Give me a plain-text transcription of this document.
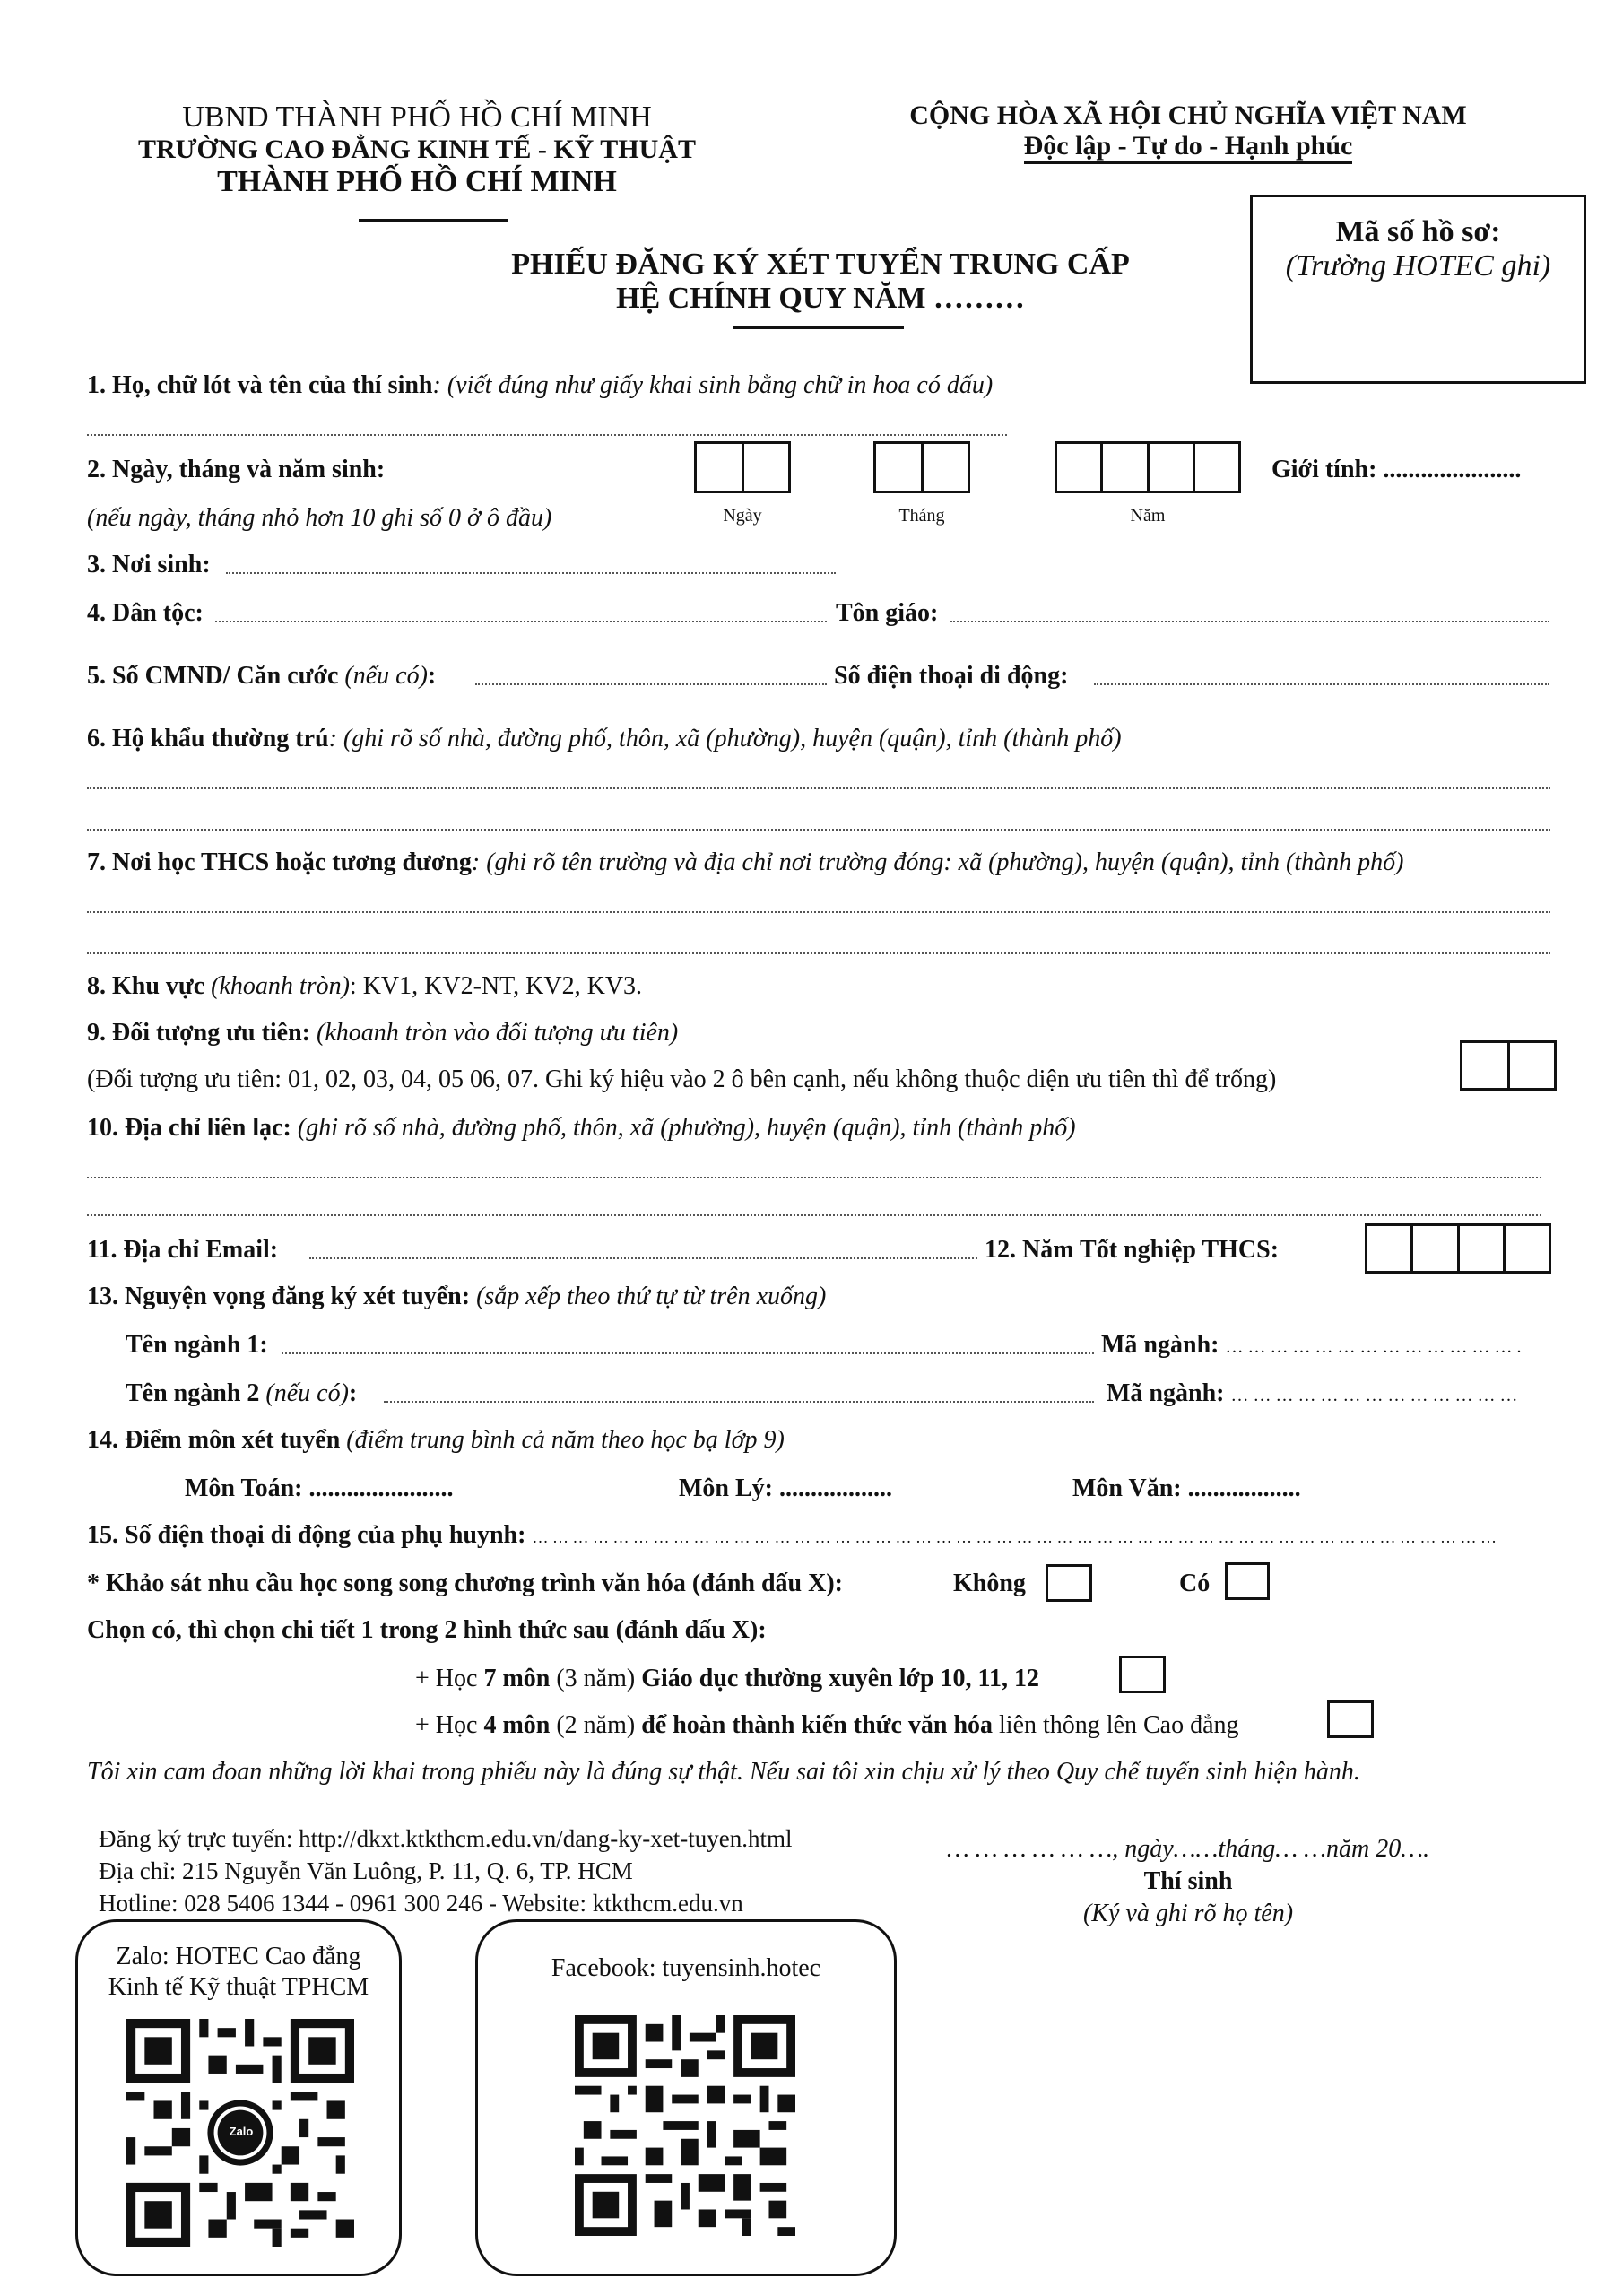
UBND THÀNH PHỐ HỒ CHÍ MINH
TRƯỜNG CAO ĐẲNG KINH TẾ - KỸ THUẬT
THÀNH PHỐ HỒ CHÍ MINH
CỘNG HÒA XÃ HỘI CHỦ NGHĨA VIỆT NAM
Độc lập - Tự do - Hạnh phúc
Mã số hồ sơ:
(Trường HOTEC ghi)
PHIẾU ĐĂNG KÝ XÉT TUYỂN TRUNG CẤP
HỆ CHÍNH QUY NĂM ………
1. Họ, chữ lót và tên của thí sinh: (viết đúng như giấy khai sinh bằng chữ in hoa có dấu)
2. Ngày, tháng và năm sinh:
(nếu ngày, tháng nhỏ hơn 10 ghi số 0 ở ô đầu)	Ngày	Tháng	Năm
Giới tính: ......................
3. Nơi sinh:
4. Dân tộc:	Tôn giáo:
5. Số CMND/ Căn cước (nếu có):	Số điện thoại di động:
6. Hộ khẩu thường trú: (ghi rõ số nhà, đường phố, thôn, xã (phường), huyện (quận), tỉnh (thành phố)
7. Nơi học THCS hoặc tương đương: (ghi rõ tên trường và địa chỉ nơi trường đóng: xã (phường), huyện (quận), tỉnh (thành phố)
8. Khu vực (khoanh tròn): KV1, KV2-NT, KV2, KV3.
9. Đối tượng ưu tiên: (khoanh tròn vào đối tượng ưu tiên)
(Đối tượng ưu tiên: 01, 02, 03, 04, 05 06, 07. Ghi ký hiệu vào 2 ô bên cạnh, nếu không thuộc diện ưu tiên thì để trống)
10. Địa chỉ liên lạc: (ghi rõ số nhà, đường phố, thôn, xã (phường), huyện (quận), tỉnh (thành phố)
11. Địa chỉ Email:	12. Năm Tốt nghiệp THCS:
13. Nguyện vọng đăng ký xét tuyển: (sắp xếp theo thứ tự từ trên xuống)
Tên ngành 1:	Mã ngành: … … … … … … … … … … … … … .
Tên ngành 2 (nếu có):	Mã ngành: … … … … … … … … … … … … …
14. Điểm môn xét tuyển (điểm trung bình cả năm theo học bạ lớp 9)
Môn Toán: .......................	Môn Lý: ..................	Môn Văn: ..................
15. Số điện thoại di động của phụ huynh: … … … … … … … … … … … … … … … … … … … … … … … … … … … … … … … … … … … … … … … … … … … … … … … …
* Khảo sát nhu cầu học song song chương trình văn hóa (đánh dấu X):	Không	Có
Chọn có, thì chọn chi tiết 1 trong 2 hình thức sau (đánh dấu X):
+ Học 7 môn (3 năm) Giáo dục thường xuyên lớp 10, 11, 12
+ Học 4 môn (2 năm) để hoàn thành kiến thức văn hóa liên thông lên Cao đẳng
Tôi xin cam đoan những lời khai trong phiếu này là đúng sự thật. Nếu sai tôi xin chịu xử lý theo Quy chế tuyển sinh hiện hành.
Đăng ký trực tuyến: http://dkxt.ktkthcm.edu.vn/dang-ky-xet-tuyen.html
Địa chỉ: 215 Nguyễn Văn Luông, P. 11, Q. 6, TP. HCM
Hotline: 028 5406 1344 - 0961 300 246 - Website: ktkthcm.edu.vn
… … … … … …, ngày……tháng… …năm 20….
Thí sinh
(Ký và ghi rõ họ tên)
Zalo: HOTEC Cao đẳng
Kinh tế Kỹ thuật TPHCM
Zalo
Facebook: tuyensinh.hotec
